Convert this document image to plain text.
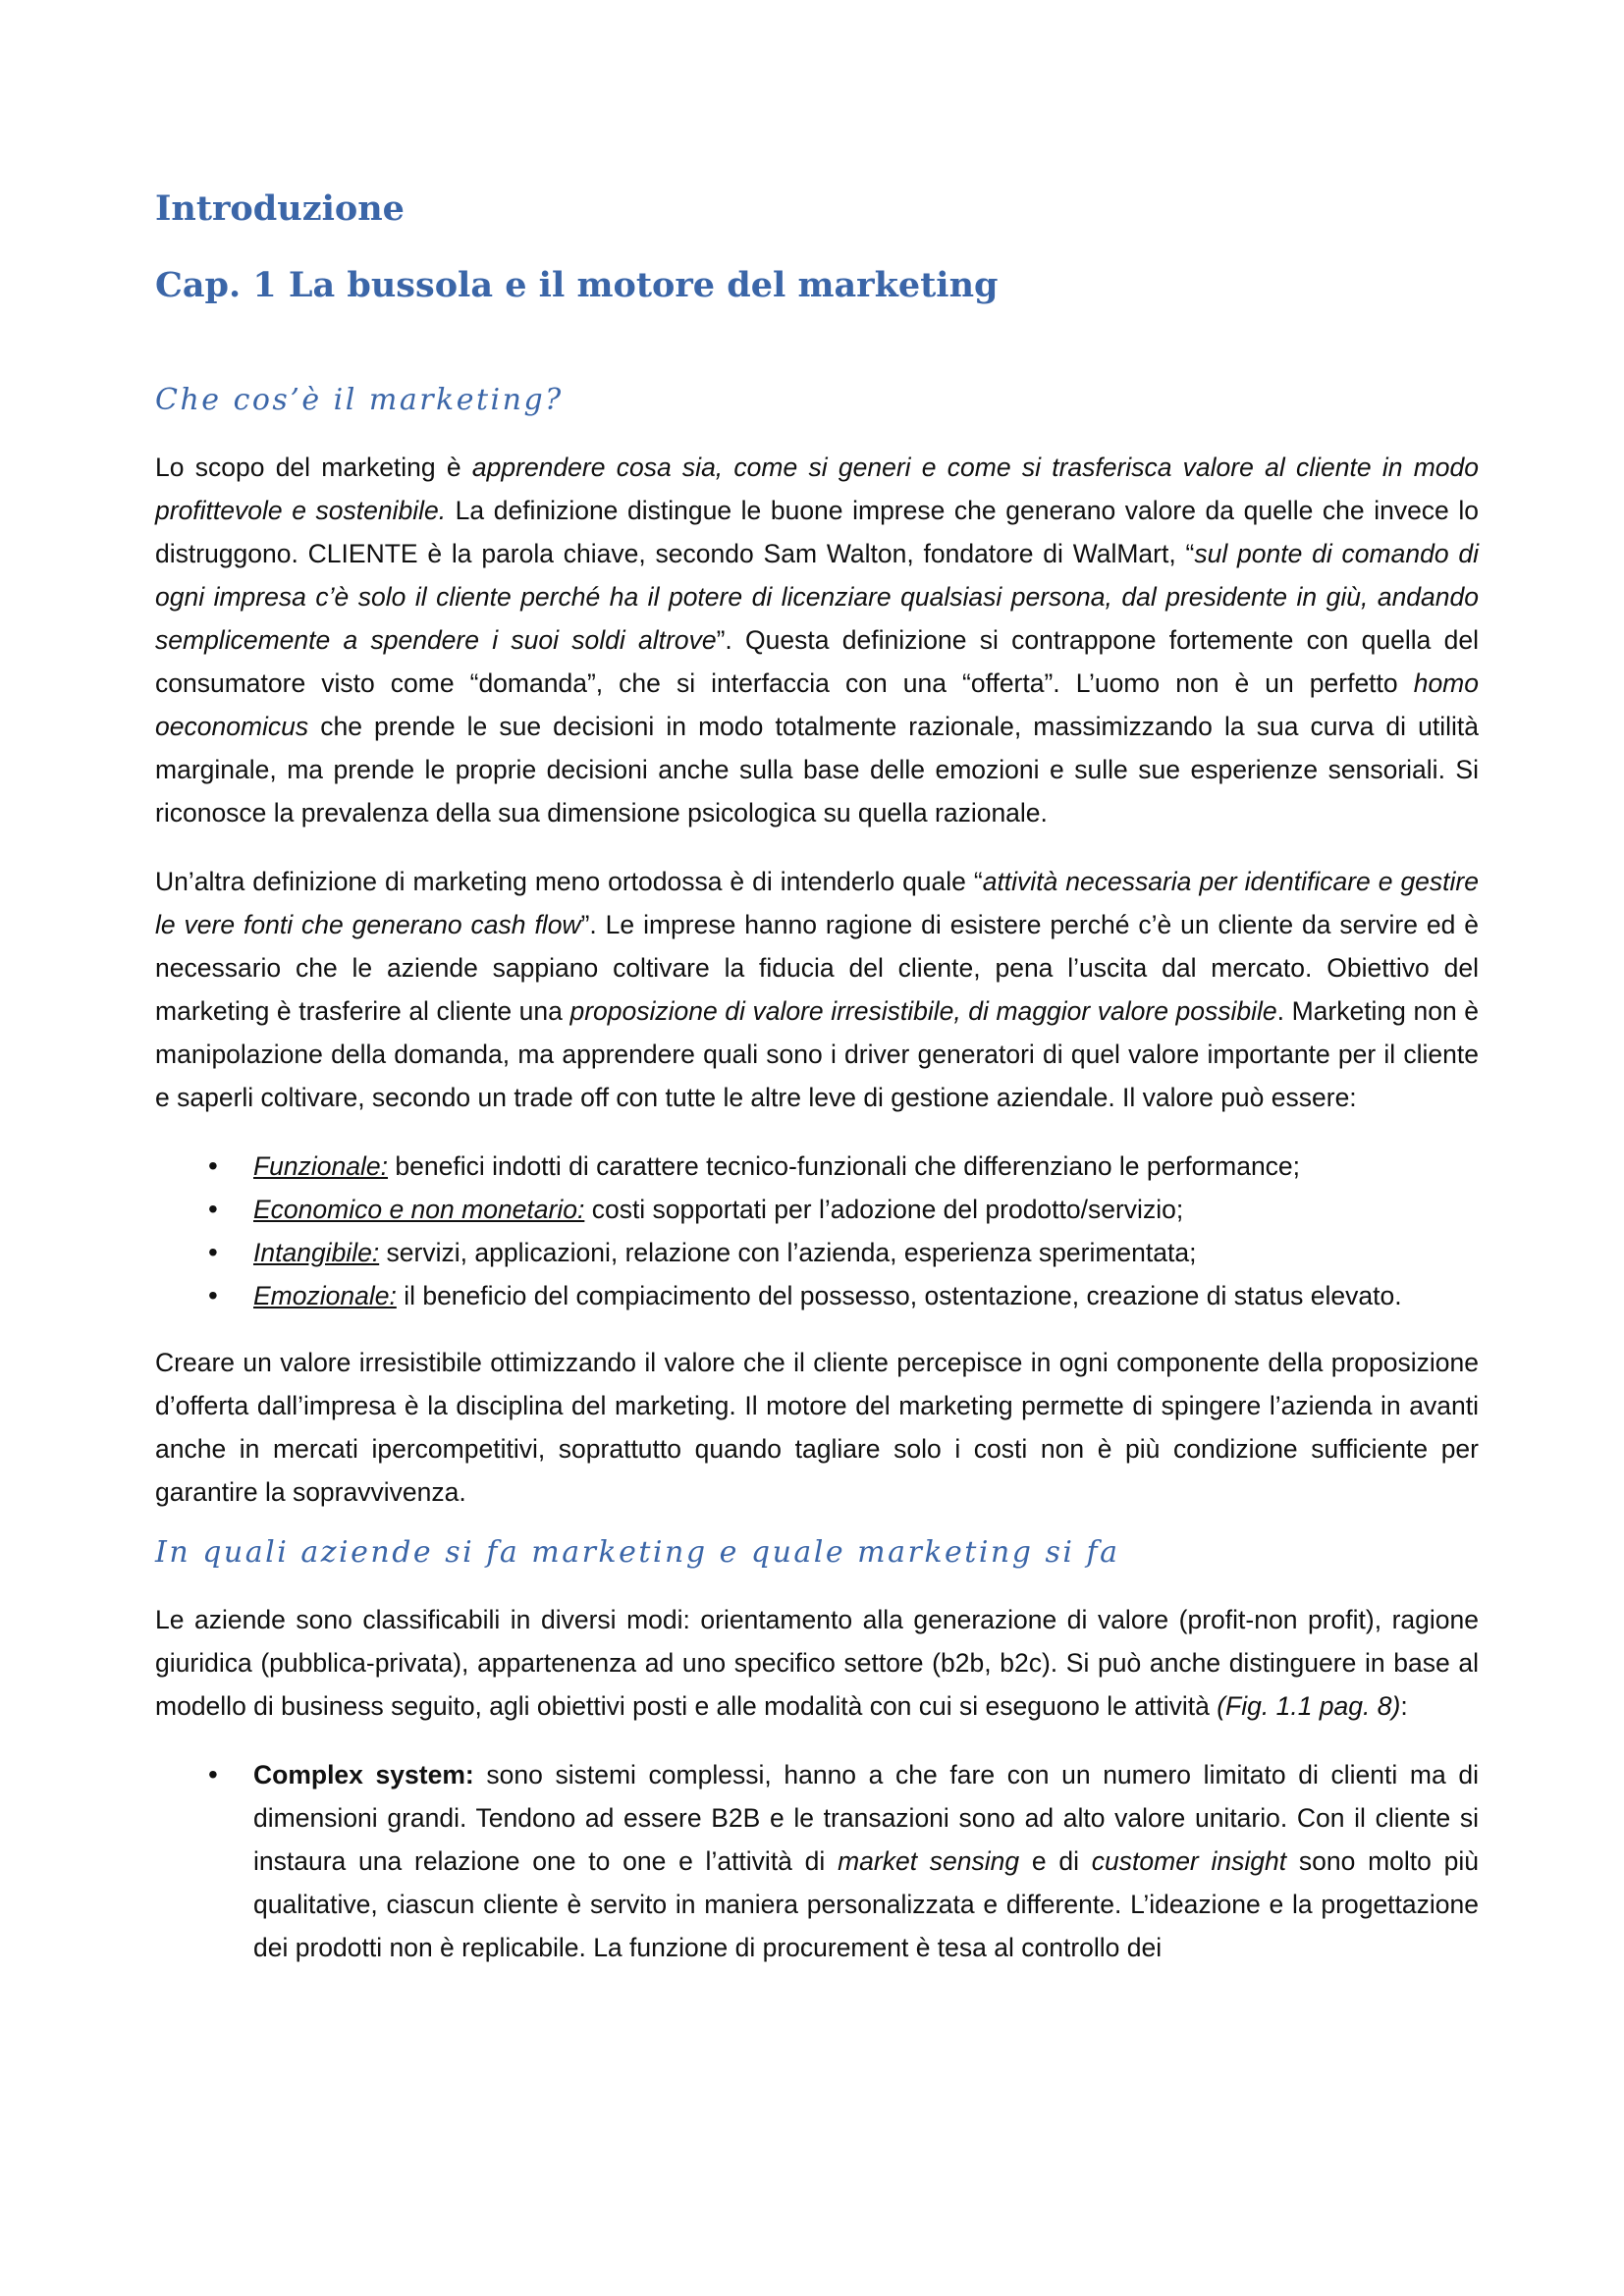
Introduzione
Cap. 1 La bussola e il motore del marketing
Che cos’è il marketing?

Lo scopo del marketing è apprendere cosa sia, come si generi e come si trasferisca valore al cliente in modo profittevole e sostenibile. La definizione distingue le buone imprese che generano valore da quelle che invece lo distruggono. CLIENTE è la parola chiave, secondo Sam Walton, fondatore di WalMart, “sul ponte di comando di ogni impresa c’è solo il cliente perché ha il potere di licenziare qualsiasi persona, dal presidente in giù, andando semplicemente a spendere i suoi soldi altrove”. Questa definizione si contrappone fortemente con quella del consumatore visto come “domanda”, che si interfaccia con una “offerta”. L’uomo non è un perfetto homo oeconomicus che prende le sue decisioni in modo totalmente razionale, massimizzando la sua curva di utilità marginale, ma prende le proprie decisioni anche sulla base delle emozioni e sulle sue esperienze sensoriali. Si riconosce la prevalenza della sua dimensione psicologica su quella razionale.

Un’altra definizione di marketing meno ortodossa è di intenderlo quale “attività necessaria per identificare e gestire le vere fonti che generano cash flow”. Le imprese hanno ragione di esistere perché c’è un cliente da servire ed è necessario che le aziende sappiano coltivare la fiducia del cliente, pena l’uscita dal mercato. Obiettivo del marketing è trasferire al cliente una proposizione di valore irresistibile, di maggior valore possibile. Marketing non è manipolazione della domanda, ma apprendere quali sono i driver generatori di quel valore importante per il cliente e saperli coltivare, secondo un trade off con tutte le altre leve di gestione aziendale. Il valore può essere:

• Funzionale: benefici indotti di carattere tecnico-funzionali che differenziano le performance;
• Economico e non monetario: costi sopportati per l’adozione del prodotto/servizio;
• Intangibile: servizi, applicazioni, relazione con l’azienda, esperienza sperimentata;
• Emozionale: il beneficio del compiacimento del possesso, ostentazione, creazione di status elevato.

Creare un valore irresistibile ottimizzando il valore che il cliente percepisce in ogni componente della proposizione d’offerta dall’impresa è la disciplina del marketing. Il motore del marketing permette di spingere l’azienda in avanti anche in mercati ipercompetitivi, soprattutto quando tagliare solo i costi non è più condizione sufficiente per garantire la sopravvivenza.

In quali aziende si fa marketing e quale marketing si fa

Le aziende sono classificabili in diversi modi: orientamento alla generazione di valore (profit-non profit), ragione giuridica (pubblica-privata), appartenenza ad uno specifico settore (b2b, b2c). Si può anche distinguere in base al modello di business seguito, agli obiettivi posti e alle modalità con cui si eseguono le attività (Fig. 1.1 pag. 8):

• Complex system: sono sistemi complessi, hanno a che fare con un numero limitato di clienti ma di dimensioni grandi. Tendono ad essere B2B e le transazioni sono ad alto valore unitario. Con il cliente si instaura una relazione one to one e l’attività di market sensing e di customer insight sono molto più qualitative, ciascun cliente è servito in maniera personalizzata e differente. L’ideazione e la progettazione dei prodotti non è replicabile. La funzione di procurement è tesa al controllo dei
